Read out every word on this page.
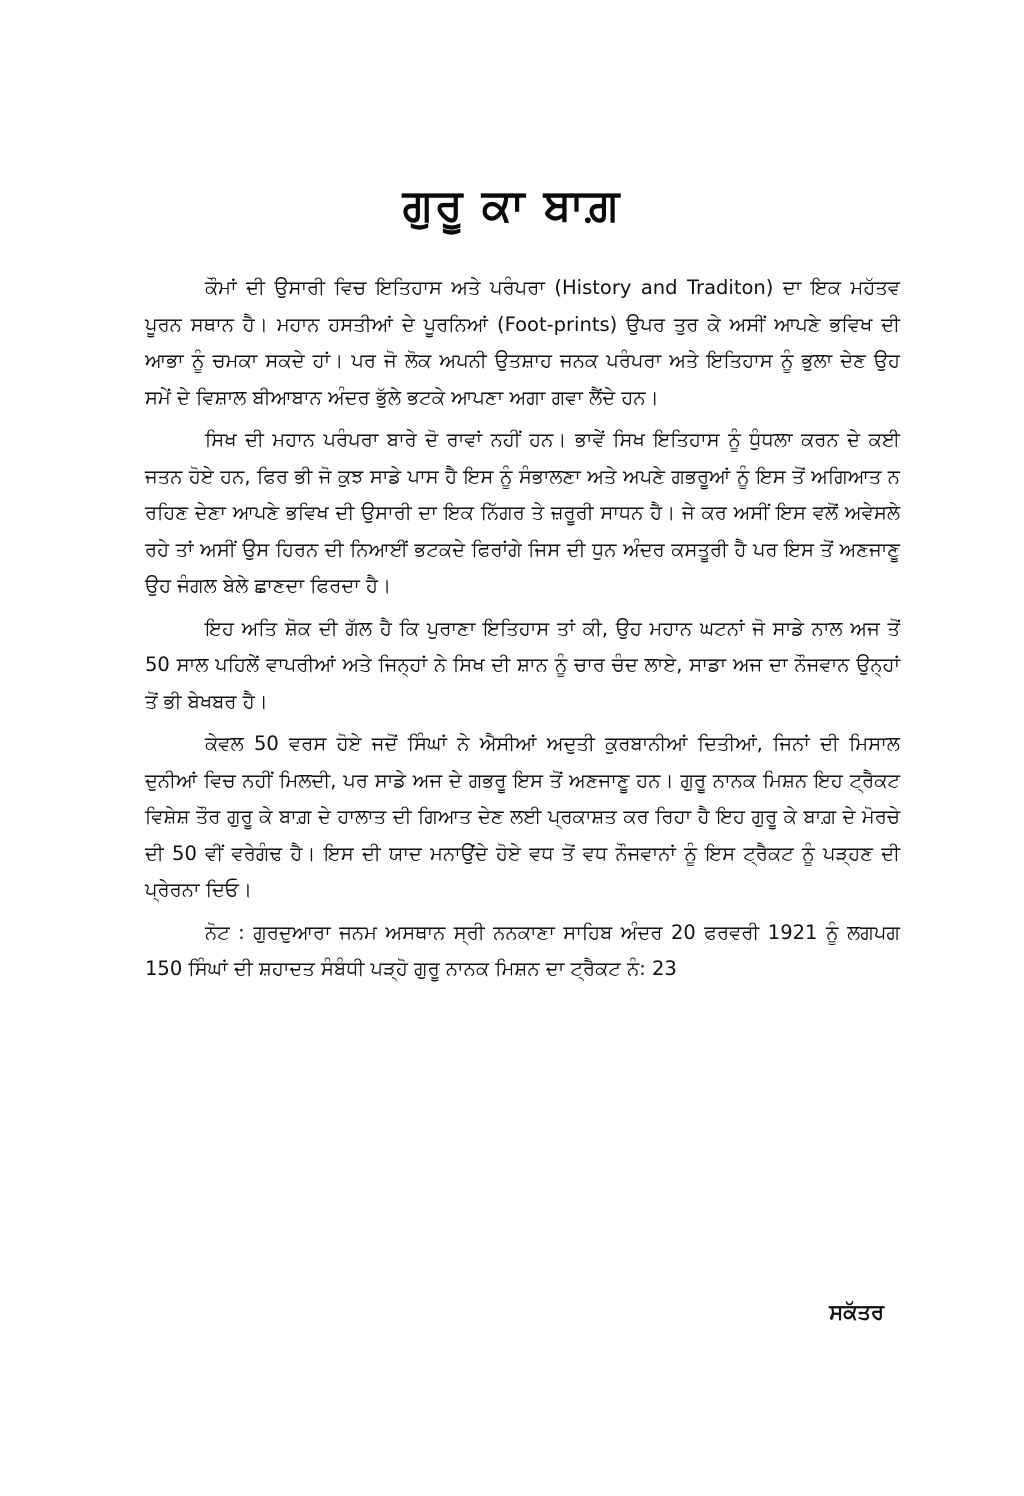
ਗੁਰੂ ਕਾ ਬਾਗ਼

ਕੌਮਾਂ ਦੀ ਉਸਾਰੀ ਵਿਚ ਇਤਿਹਾਸ ਅਤੇ ਪਰੰਪਰਾ (History and Traditon) ਦਾ ਇਕ ਮਹੱਤਵ ਪੂਰਨ ਸਥਾਨ ਹੈ। ਮਹਾਨ ਹਸਤੀਆਂ ਦੇ ਪੂਰਨਿਆਂ (Foot-prints) ਉਪਰ ਤੁਰ ਕੇ ਅਸੀਂ ਆਪਣੇ ਭਵਿਖ ਦੀ ਆਭਾ ਨੂੰ ਚਮਕਾ ਸਕਦੇ ਹਾਂ। ਪਰ ਜੋ ਲੋਕ ਅਪਨੀ ਉਤਸ਼ਾਹ ਜਨਕ ਪਰੰਪਰਾ ਅਤੇ ਇਤਿਹਾਸ ਨੂੰ ਭੁਲਾ ਦੇਣ ਉਹ ਸਮੇਂ ਦੇ ਵਿਸ਼ਾਲ ਬੀਆਬਾਨ ਅੰਦਰ ਭੁੱਲੇ ਭਟਕੇ ਆਪਣਾ ਅਗਾ ਗਵਾ ਲੈਂਦੇ ਹਨ।

ਸਿਖ ਦੀ ਮਹਾਨ ਪਰੰਪਰਾ ਬਾਰੇ ਦੋ ਰਾਵਾਂ ਨਹੀਂ ਹਨ। ਭਾਵੇਂ ਸਿਖ ਇਤਿਹਾਸ ਨੂੰ ਧੁੰਧਲਾ ਕਰਨ ਦੇ ਕਈ ਜਤਨ ਹੋਏ ਹਨ, ਫਿਰ ਭੀ ਜੋ ਕੁਝ ਸਾਡੇ ਪਾਸ ਹੈ ਇਸ ਨੂੰ ਸੰਭਾਲਣਾ ਅਤੇ ਅਪਣੇ ਗਭਰੂਆਂ ਨੂੰ ਇਸ ਤੋਂ ਅਗਿਆਤ ਨ ਰਹਿਣ ਦੇਣਾ ਆਪਣੇ ਭਵਿਖ ਦੀ ਉਸਾਰੀ ਦਾ ਇਕ ਨਿੱਗਰ ਤੇ ਜ਼ਰੂਰੀ ਸਾਧਨ ਹੈ। ਜੇ ਕਰ ਅਸੀਂ ਇਸ ਵਲੋਂ ਅਵੇਸਲੇ ਰਹੇ ਤਾਂ ਅਸੀਂ ਉਸ ਹਿਰਨ ਦੀ ਨਿਆਈਂ ਭਟਕਦੇ ਫਿਰਾਂਗੇ ਜਿਸ ਦੀ ਧੁਨ ਅੰਦਰ ਕਸਤੂਰੀ ਹੈ ਪਰ ਇਸ ਤੋਂ ਅਣਜਾਣੂ ਉਹ ਜੰਗਲ ਬੇਲੇ ਛਾਣਦਾ ਫਿਰਦਾ ਹੈ।

ਇਹ ਅਤਿ ਸ਼ੋਕ ਦੀ ਗੱਲ ਹੈ ਕਿ ਪੁਰਾਣਾ ਇਤਿਹਾਸ ਤਾਂ ਕੀ, ਉਹ ਮਹਾਨ ਘਟਨਾਂ ਜੋ ਸਾਡੇ ਨਾਲ ਅਜ ਤੋਂ 50 ਸਾਲ ਪਹਿਲੇਂ ਵਾਪਰੀਆਂ ਅਤੇ ਜਿਨ੍ਹਾਂ ਨੇ ਸਿਖ ਦੀ ਸ਼ਾਨ ਨੂੰ ਚਾਰ ਚੰਦ ਲਾਏ, ਸਾਡਾ ਅਜ ਦਾ ਨੌਜਵਾਨ ਉਨ੍ਹਾਂ ਤੋਂ ਭੀ ਬੇਖਬਰ ਹੈ।

ਕੇਵਲ 50 ਵਰਸ ਹੋਏ ਜਦੋਂ ਸਿੰਘਾਂ ਨੇ ਐਸੀਆਂ ਅਦੁਤੀ ਕੁਰਬਾਨੀਆਂ ਦਿਤੀਆਂ, ਜਿਨਾਂ ਦੀ ਮਿਸਾਲ ਦੁਨੀਆਂ ਵਿਚ ਨਹੀਂ ਮਿਲਦੀ, ਪਰ ਸਾਡੇ ਅਜ ਦੇ ਗਭਰੂ ਇਸ ਤੋਂ ਅਣਜਾਣੂ ਹਨ। ਗੁਰੂ ਨਾਨਕ ਮਿਸ਼ਨ ਇਹ ਟ੍ਰੈਕਟ ਵਿਸ਼ੇਸ਼ ਤੌਰ ਗੁਰੂ ਕੇ ਬਾਗ਼ ਦੇ ਹਾਲਾਤ ਦੀ ਗਿਆਤ ਦੇਣ ਲਈ ਪ੍ਰਕਾਸ਼ਤ ਕਰ ਰਿਹਾ ਹੈ ਇਹ ਗੁਰੂ ਕੇ ਬਾਗ਼ ਦੇ ਮੋਰਚੇ ਦੀ 50 ਵੀਂ ਵਰੇਗੰਢ ਹੈ। ਇਸ ਦੀ ਯਾਦ ਮਨਾਉਂਦੇ ਹੋਏ ਵਧ ਤੋਂ ਵਧ ਨੌਜਵਾਨਾਂ ਨੂੰ ਇਸ ਟ੍ਰੈਕਟ ਨੂੰ ਪੜ੍ਹਣ ਦੀ ਪ੍ਰੇਰਨਾ ਦਿਓ।

ਨੋਟ : ਗੁਰਦੁਆਰਾ ਜਨਮ ਅਸਥਾਨ ਸ੍ਰੀ ਨਨਕਾਣਾ ਸਾਹਿਬ ਅੰਦਰ 20 ਫਰਵਰੀ 1921 ਨੂੰ ਲਗਪਗ 150 ਸਿੰਘਾਂ ਦੀ ਸ਼ਹਾਦਤ ਸੰਬੰਧੀ ਪੜ੍ਹੋ ਗੁਰੂ ਨਾਨਕ ਮਿਸ਼ਨ ਦਾ ਟ੍ਰੈਕਟ ਨੰ: 23

ਸਕੱਤਰ
